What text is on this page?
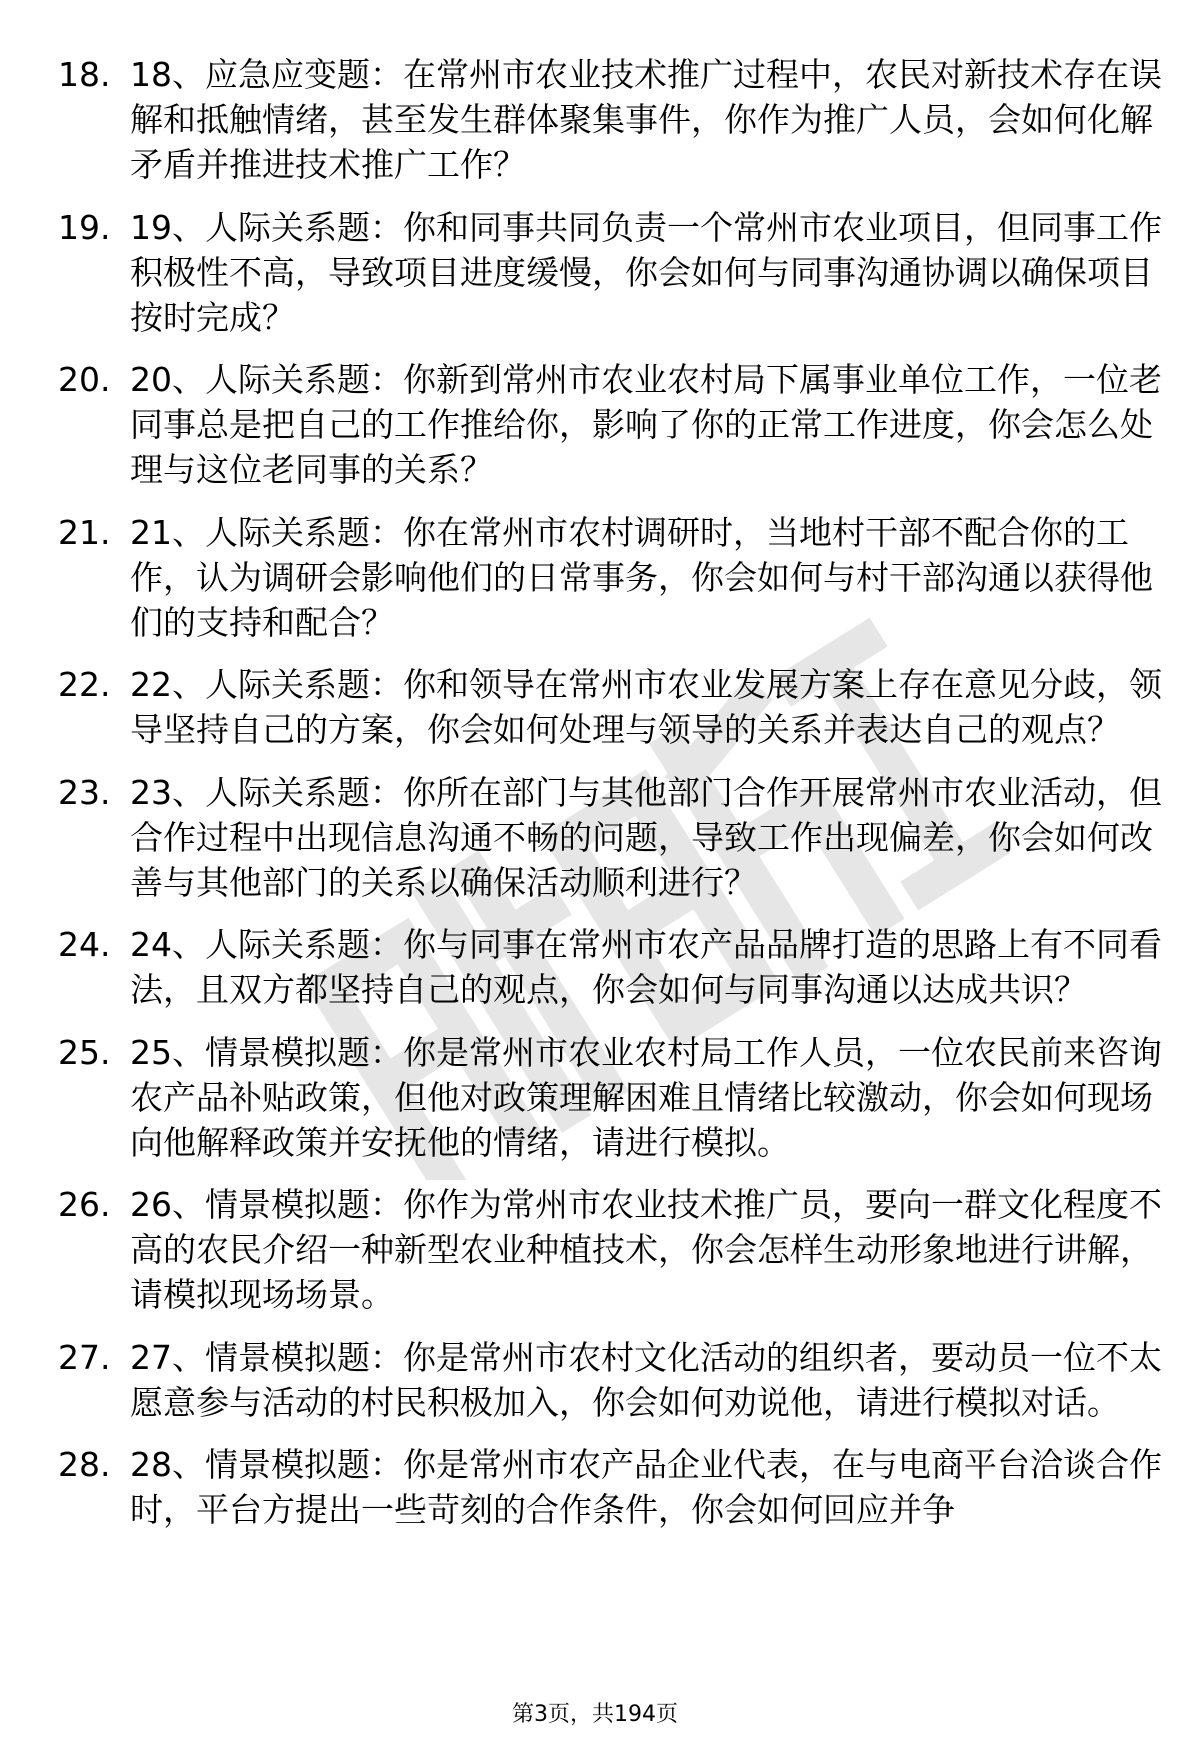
18. 18、应急应变题：在常州市农业技术推广过程中，农民对新技术存在误解和抵触情绪，甚至发生群体聚集事件，你作为推广人员，会如何化解矛盾并推进技术推广工作？
19. 19、人际关系题：你和同事共同负责一个常州市农业项目，但同事工作积极性不高，导致项目进度缓慢，你会如何与同事沟通协调以确保项目按时完成？
20. 20、人际关系题：你新到常州市农业农村局下属事业单位工作，一位老同事总是把自己的工作推给你，影响了你的正常工作进度，你会怎么处理与这位老同事的关系？
21. 21、人际关系题：你在常州市农村调研时，当地村干部不配合你的工作，认为调研会影响他们的日常事务，你会如何与村干部沟通以获得他们的支持和配合？
22. 22、人际关系题：你和领导在常州市农业发展方案上存在意见分歧，领导坚持自己的方案，你会如何处理与领导的关系并表达自己的观点？
23. 23、人际关系题：你所在部门与其他部门合作开展常州市农业活动，但合作过程中出现信息沟通不畅的问题，导致工作出现偏差，你会如何改善与其他部门的关系以确保活动顺利进行？
24. 24、人际关系题：你与同事在常州市农产品品牌打造的思路上有不同看法，且双方都坚持自己的观点，你会如何与同事沟通以达成共识？
25. 25、情景模拟题：你是常州市农业农村局工作人员，一位农民前来咨询农产品补贴政策，但他对政策理解困难且情绪比较激动，你会如何现场向他解释政策并安抚他的情绪，请进行模拟。
26. 26、情景模拟题：你作为常州市农业技术推广员，要向一群文化程度不高的农民介绍一种新型农业种植技术，你会怎样生动形象地进行讲解，请模拟现场场景。
27. 27、情景模拟题：你是常州市农村文化活动的组织者，要动员一位不太愿意参与活动的村民积极加入，你会如何劝说他，请进行模拟对话。
28. 28、情景模拟题：你是常州市农产品企业代表，在与电商平台洽谈合作时，平台方提出一些苛刻的合作条件，你会如何回应并争
第3页，共194页
